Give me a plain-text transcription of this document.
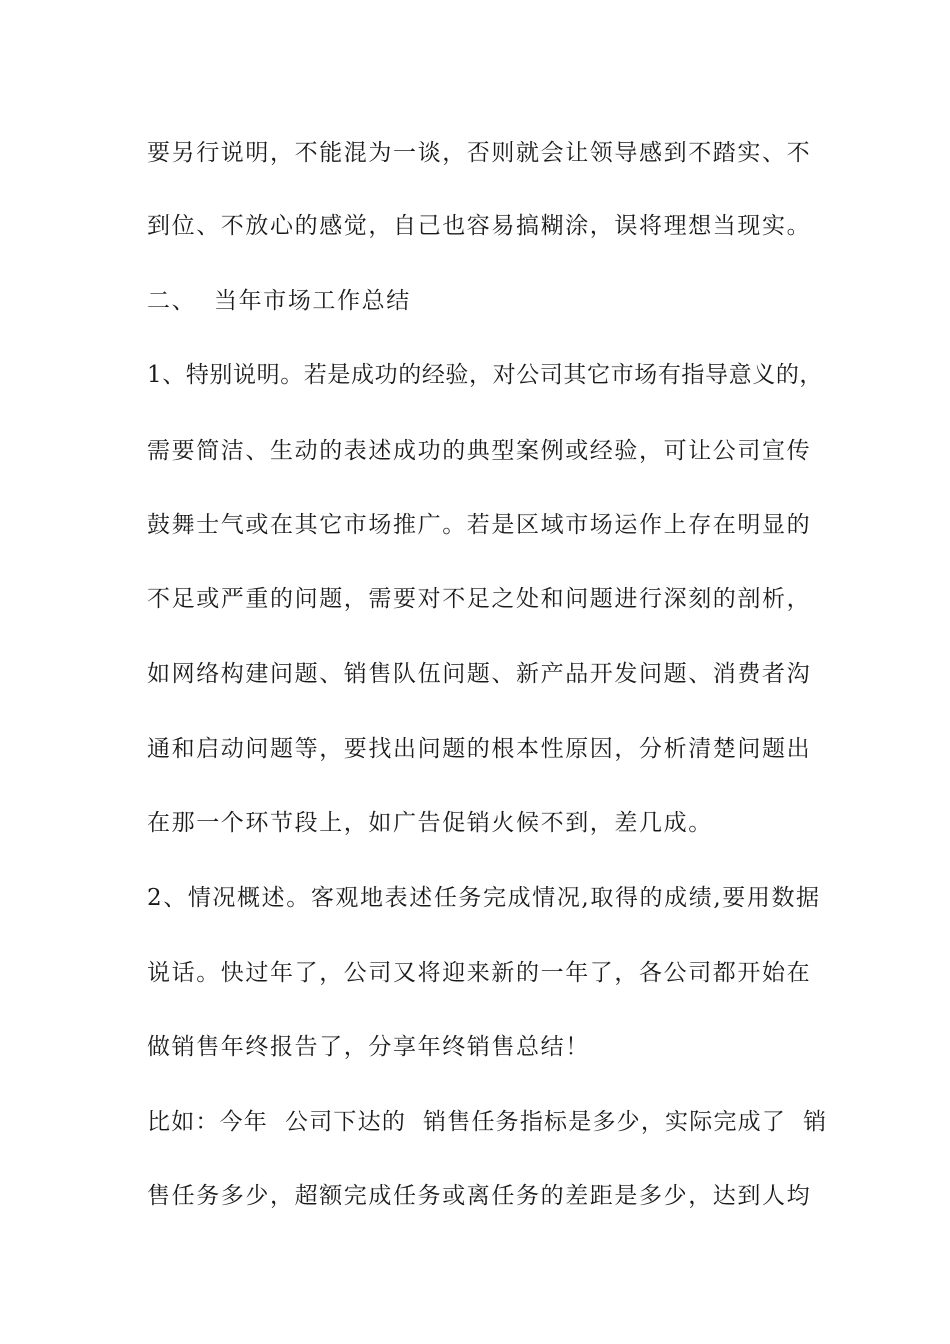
要另行说明，不能混为一谈，否则就会让领导感到不踏实、不
到位、不放心的感觉，自己也容易搞糊涂，误将理想当现实。
二、  当年市场工作总结
1、特别说明。若是成功的经验，对公司其它市场有指导意义的，
需要简洁、生动的表述成功的典型案例或经验，可让公司宣传
鼓舞士气或在其它市场推广。若是区域市场运作上存在明显的
不足或严重的问题，需要对不足之处和问题进行深刻的剖析，
如网络构建问题、销售队伍问题、新产品开发问题、消费者沟
通和启动问题等，要找出问题的根本性原因，分析清楚问题出
在那一个环节段上，如广告促销火候不到，差几成。
2、情况概述。客观地表述任务完成情况,取得的成绩,要用数据
说话。快过年了，公司又将迎来新的一年了，各公司都开始在
做销售年终报告了，分享年终销售总结！
比如：今年  公司下达的  销售任务指标是多少，实际完成了  销
售任务多少，超额完成任务或离任务的差距是多少，达到人均
